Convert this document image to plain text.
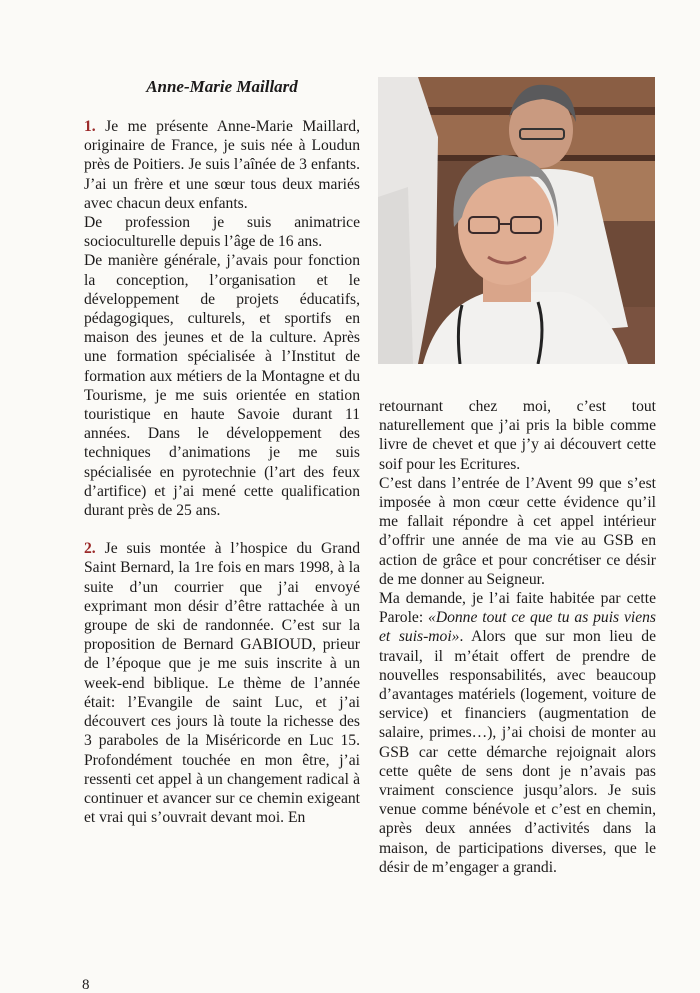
Anne-Marie Maillard

1. Je me présente Anne-Marie Maillard, originaire de France, je suis née à Loudun près de Poitiers. Je suis l’aînée de 3 enfants. J’ai un frère et une sœur tous deux mariés avec chacun deux enfants.

De profession je suis animatrice socioculturelle depuis l’âge de 16 ans.

De manière générale, j’avais pour fonction la conception, l’organisation et le développement de projets éducatifs, pédagogiques, culturels, et sportifs en maison des jeunes et de la culture. Après une formation spécialisée à l’Institut de formation aux métiers de la Montagne et du Tourisme, je me suis orientée en station touristique en haute Savoie durant 11 années. Dans le développement des techniques d’animations je me suis spécialisée en pyrotechnie (l’art des feux d’artifice) et j’ai mené cette qualification durant près de 25 ans.

2. Je suis montée à l’hospice du Grand Saint Bernard, la 1re fois en mars 1998, à la suite d’un courrier que j’ai envoyé exprimant mon désir d’être rattachée à un groupe de ski de randonnée. C’est sur la proposition de Bernard GABIOUD, prieur de l’époque que je me suis inscrite à un week-end biblique. Le thème de l’année était: l’Evangile de saint Luc, et j’ai découvert ces jours là toute la richesse des 3 paraboles de la Miséricorde en Luc 15. Profondément touchée en mon être, j’ai ressenti cet appel à un changement radical à continuer et avancer sur ce chemin exigeant et vrai qui s’ouvrait devant moi. En

retournant chez moi, c’est tout naturellement que j’ai pris la bible comme livre de chevet et que j’y ai découvert cette soif pour les Ecritures.

C’est dans l’entrée de l’Avent 99 que s’est imposée à mon cœur cette évidence qu’il me fallait répondre à cet appel intérieur d’offrir une année de ma vie au GSB en action de grâce et pour concrétiser ce désir de me donner au Seigneur.

Ma demande, je l’ai faite habitée par cette Parole: «Donne tout ce que tu as puis viens et suis-moi». Alors que sur mon lieu de travail, il m’était offert de prendre de nouvelles responsabilités, avec beaucoup d’avantages matériels (logement, voiture de service) et financiers (augmentation de salaire, primes…), j’ai choisi de monter au GSB car cette démarche rejoignait alors cette quête de sens dont je n’avais pas vraiment conscience jusqu’alors. Je suis venue comme bénévole et c’est en chemin, après deux années d’activités dans la maison, de participations diverses, que le désir de m’engager a grandi.

8
